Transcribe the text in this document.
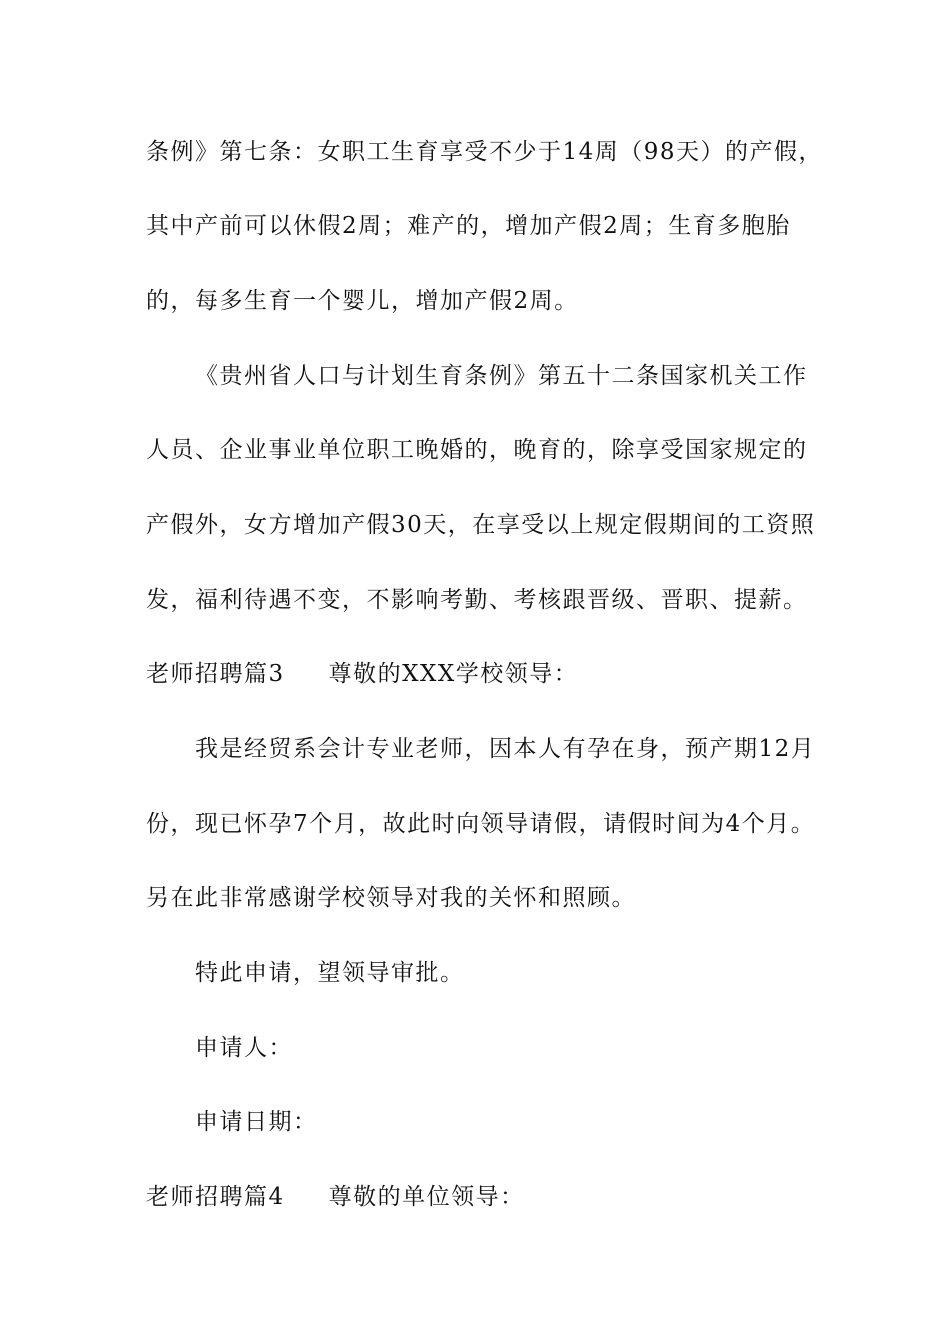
条例》第七条：女职工生育享受不少于14周（98天）的产假，
其中产前可以休假2周；难产的，增加产假2周；生育多胞胎
的，每多生育一个婴儿，增加产假2周。
《贵州省人口与计划生育条例》第五十二条国家机关工作
人员、企业事业单位职工晚婚的，晚育的，除享受国家规定的
产假外，女方增加产假30天，在享受以上规定假期间的工资照
发，福利待遇不变，不影响考勤、考核跟晋级、晋职、提薪。
老师招聘篇3 尊敬的XXX学校领导：
我是经贸系会计专业老师，因本人有孕在身，预产期12月
份，现已怀孕7个月，故此时向领导请假，请假时间为4个月。
另在此非常感谢学校领导对我的关怀和照顾。
特此申请，望领导审批。
申请人：
申请日期：
老师招聘篇4 尊敬的单位领导：
